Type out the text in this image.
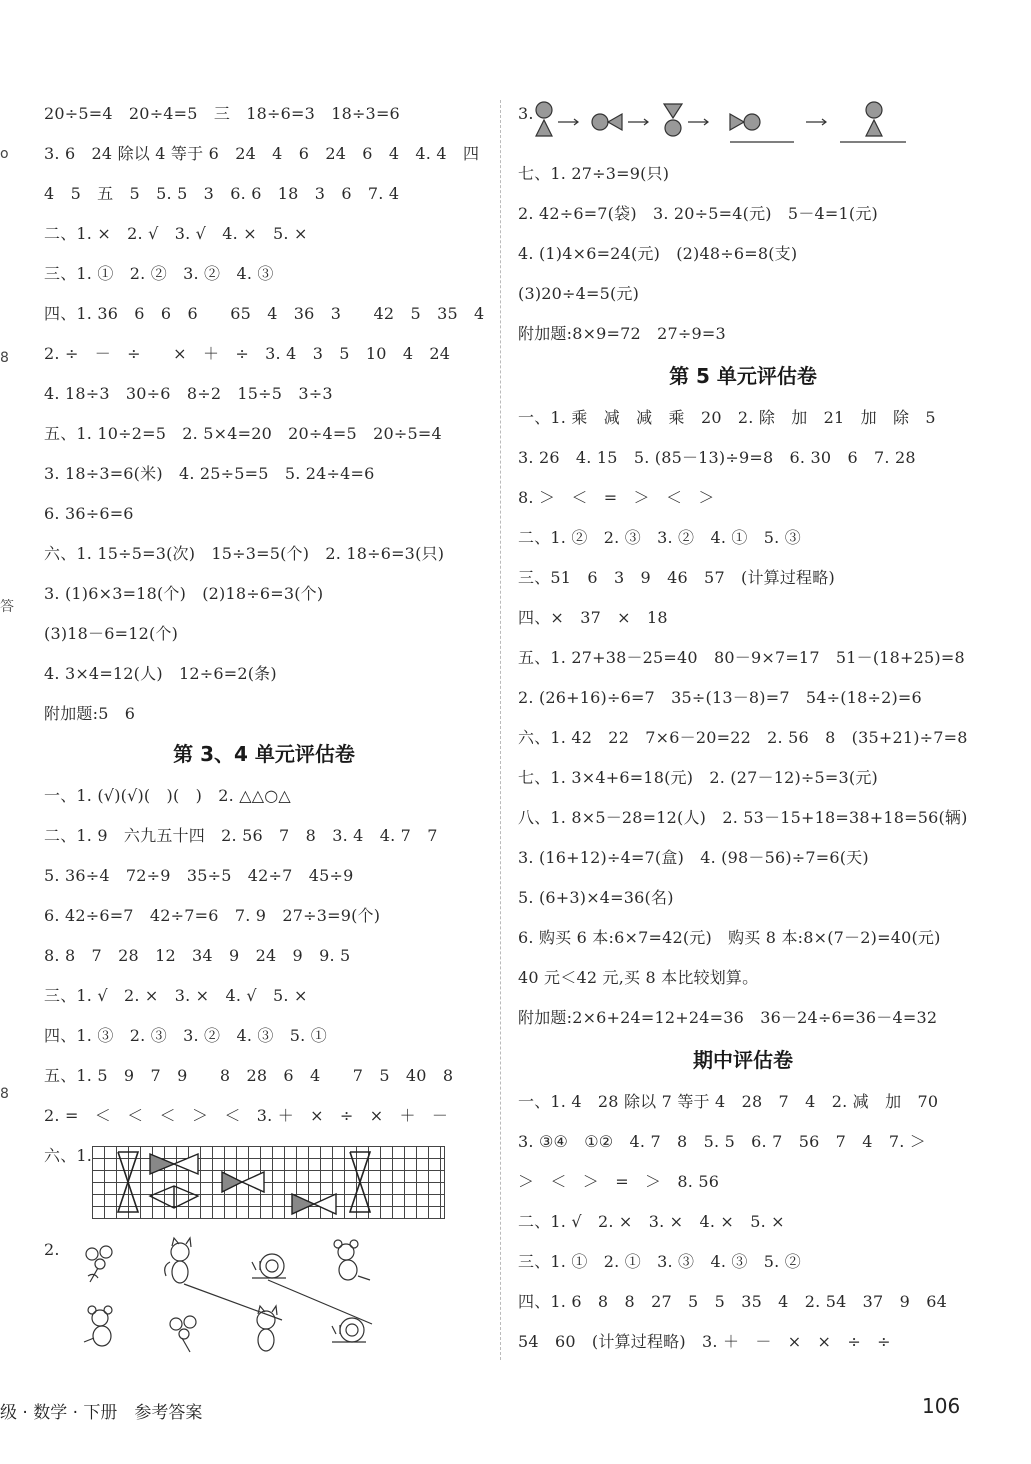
o
8
答
8
20÷5=4　20÷4=5　三　18÷6=3　18÷3=6
3. 6　24 除以 4 等于 6　24　4　6　24　6　4　4. 4　四
4　5　五　5　5. 5　3　6. 6　18　3　6　7. 4
二、1. ×　2. √　3. √　4. ×　5. ×
三、1. ①　2. ②　3. ②　4. ③
四、1. 36　6　6　6　　65　4　36　3　　42　5　35　4
2. ÷　－　÷　　×　＋　÷　3. 4　3　5　10　4　24
4. 18÷3　30÷6　8÷2　15÷5　3÷3
五、1. 10÷2=5　2. 5×4=20　20÷4=5　20÷5=4
3. 18÷3=6(米)　4. 25÷5=5　5. 24÷4=6
6. 36÷6=6
六、1. 15÷5=3(次)　15÷3=5(个)　2. 18÷6=3(只)
3. (1)6×3=18(个)　(2)18÷6=3(个)
(3)18－6=12(个)
4. 3×4=12(人)　12÷6=2(条)
附加题:5　6
第 3、4 单元评估卷
一、1. (√)(√)(　)(　)　2. △△○△
二、1. 9　六九五十四　2. 56　7　8　3. 4　4. 7　7
5. 36÷4　72÷9　35÷5　42÷7　45÷9
6. 42÷6=7　42÷7=6　7. 9　27÷3=9(个)
8. 8　7　28　12　34　9　24　9　9. 5
三、1. √　2. ×　3. ×　4. √　5. ×
四、1. ③　2. ③　3. ②　4. ③　5. ①
五、1. 5　9　7　9　　8　28　6　4　　7　5　40　8
2. =　＜　＜　＜　＞　＜　3. ＋　×　÷　×　＋　－
六、1.
2.
3.
七、1. 27÷3=9(只)
2. 42÷6=7(袋)　3. 20÷5=4(元)　5－4=1(元)
4. (1)4×6=24(元)　(2)48÷6=8(支)
(3)20÷4=5(元)
附加题:8×9=72　27÷9=3
第 5 单元评估卷
一、1. 乘　减　减　乘　20　2. 除　加　21　加　除　5
3. 26　4. 15　5. (85－13)÷9=8　6. 30　6　7. 28
8. ＞　＜　=　＞　＜　＞
二、1. ②　2. ③　3. ②　4. ①　5. ③
三、51　6　3　9　46　57　(计算过程略)
四、×　37　×　18
五、1. 27+38－25=40　80－9×7=17　51－(18+25)=8
2. (26+16)÷6=7　35÷(13－8)=7　54÷(18÷2)=6
六、1. 42　22　7×6－20=22　2. 56　8　(35+21)÷7=8
七、1. 3×4+6=18(元)　2. (27－12)÷5=3(元)
八、1. 8×5－28=12(人)　2. 53－15+18=38+18=56(辆)
3. (16+12)÷4=7(盒)　4. (98－56)÷7=6(天)
5. (6+3)×4=36(名)
6. 购买 6 本:6×7=42(元)　购买 8 本:8×(7－2)=40(元)
40 元＜42 元,买 8 本比较划算。
附加题:2×6+24=12+24=36　36－24÷6=36－4=32
期中评估卷
一、1. 4　28 除以 7 等于 4　28　7　4　2. 减　加　70
3. ③④　①②　4. 7　8　5. 5　6. 7　56　7　4　7. ＞
＞　＜　＞　=　＞　8. 56
二、1. √　2. ×　3. ×　4. ×　5. ×
三、1. ①　2. ①　3. ③　4. ③　5. ②
四、1. 6　8　8　27　5　5　35　4　2. 54　37　9　64
54　60　(计算过程略)　3. ＋　－　×　×　÷　÷
级 · 数学 · 下册　参考答案	106
